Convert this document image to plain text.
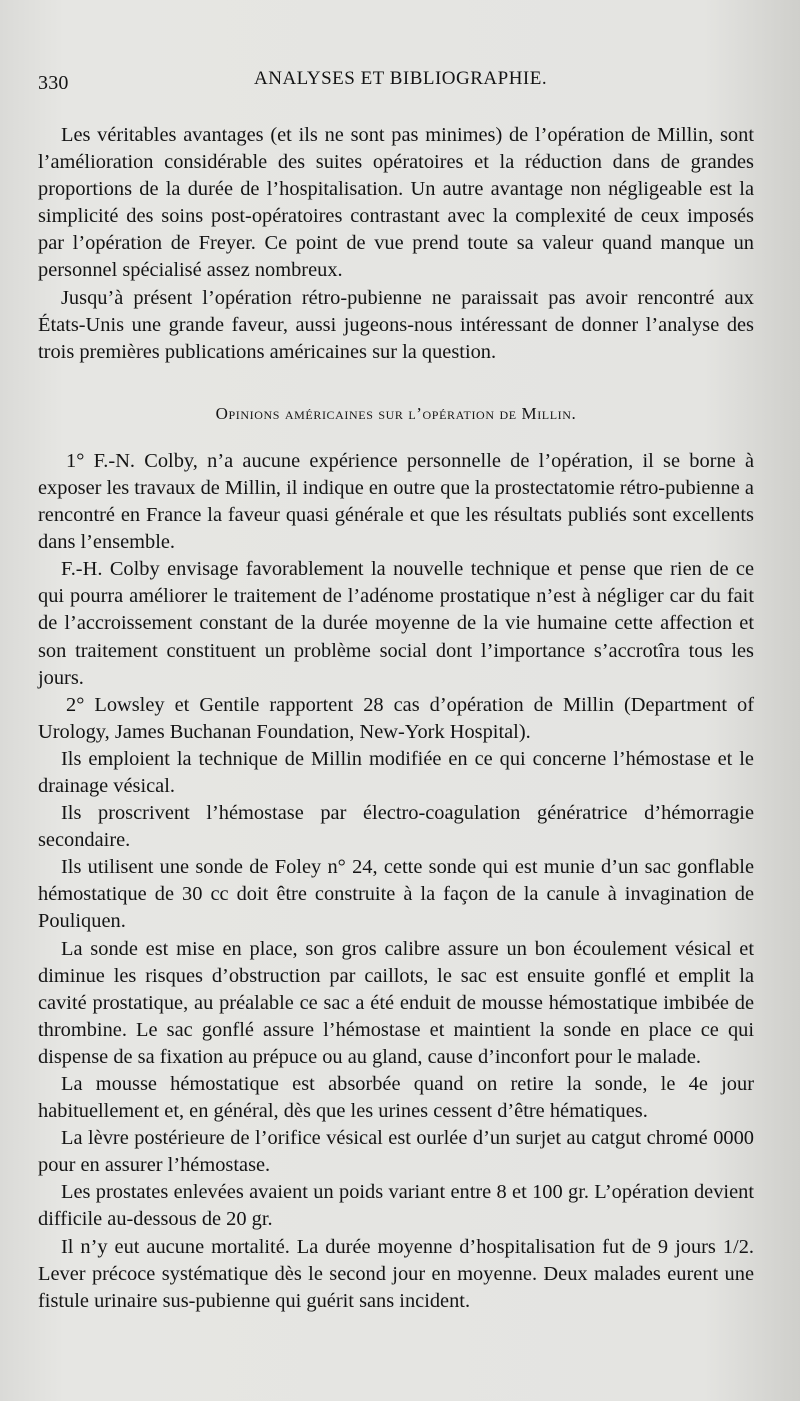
330	ANALYSES ET BIBLIOGRAPHIE.

Les véritables avantages (et ils ne sont pas minimes) de l’opération de Millin, sont l’amélioration considérable des suites opératoires et la réduction dans de grandes proportions de la durée de l’hospitalisation. Un autre avantage non négligeable est la simplicité des soins post-opératoires contrastant avec la complexité de ceux imposés par l’opération de Freyer. Ce point de vue prend toute sa valeur quand manque un personnel spécialisé assez nombreux.

Jusqu’à présent l’opération rétro-pubienne ne paraissait pas avoir rencontré aux États-Unis une grande faveur, aussi jugeons-nous intéressant de donner l’analyse des trois premières publications américaines sur la question.

Opinions américaines sur l’opération de Millin.

1° F.-N. Colby, n’a aucune expérience personnelle de l’opération, il se borne à exposer les travaux de Millin, il indique en outre que la prostectatomie rétro-pubienne a rencontré en France la faveur quasi générale et que les résultats publiés sont excellents dans l’ensemble.

F.-H. Colby envisage favorablement la nouvelle technique et pense que rien de ce qui pourra améliorer le traitement de l’adénome prostatique n’est à négliger car du fait de l’accroissement constant de la durée moyenne de la vie humaine cette affection et son traitement constituent un problème social dont l’importance s’accrotîra tous les jours.

2° Lowsley et Gentile rapportent 28 cas d’opération de Millin (Department of Urology, James Buchanan Foundation, New-York Hospital).

Ils emploient la technique de Millin modifiée en ce qui concerne l’hémostase et le drainage vésical.

Ils proscrivent l’hémostase par électro-coagulation génératrice d’hémorragie secondaire.

Ils utilisent une sonde de Foley n° 24, cette sonde qui est munie d’un sac gonflable hémostatique de 30 cc doit être construite à la façon de la canule à invagination de Pouliquen.

La sonde est mise en place, son gros calibre assure un bon écoulement vésical et diminue les risques d’obstruction par caillots, le sac est ensuite gonflé et emplit la cavité prostatique, au préalable ce sac a été enduit de mousse hémostatique imbibée de thrombine. Le sac gonflé assure l’hémostase et maintient la sonde en place ce qui dispense de sa fixation au prépuce ou au gland, cause d’inconfort pour le malade.

La mousse hémostatique est absorbée quand on retire la sonde, le 4e jour habituellement et, en général, dès que les urines cessent d’être hématiques.

La lèvre postérieure de l’orifice vésical est ourlée d’un surjet au catgut chromé 0000 pour en assurer l’hémostase.

Les prostates enlevées avaient un poids variant entre 8 et 100 gr. L’opération devient difficile au-dessous de 20 gr.

Il n’y eut aucune mortalité. La durée moyenne d’hospitalisation fut de 9 jours 1/2. Lever précoce systématique dès le second jour en moyenne. Deux malades eurent une fistule urinaire sus-pubienne qui guérit sans incident.
